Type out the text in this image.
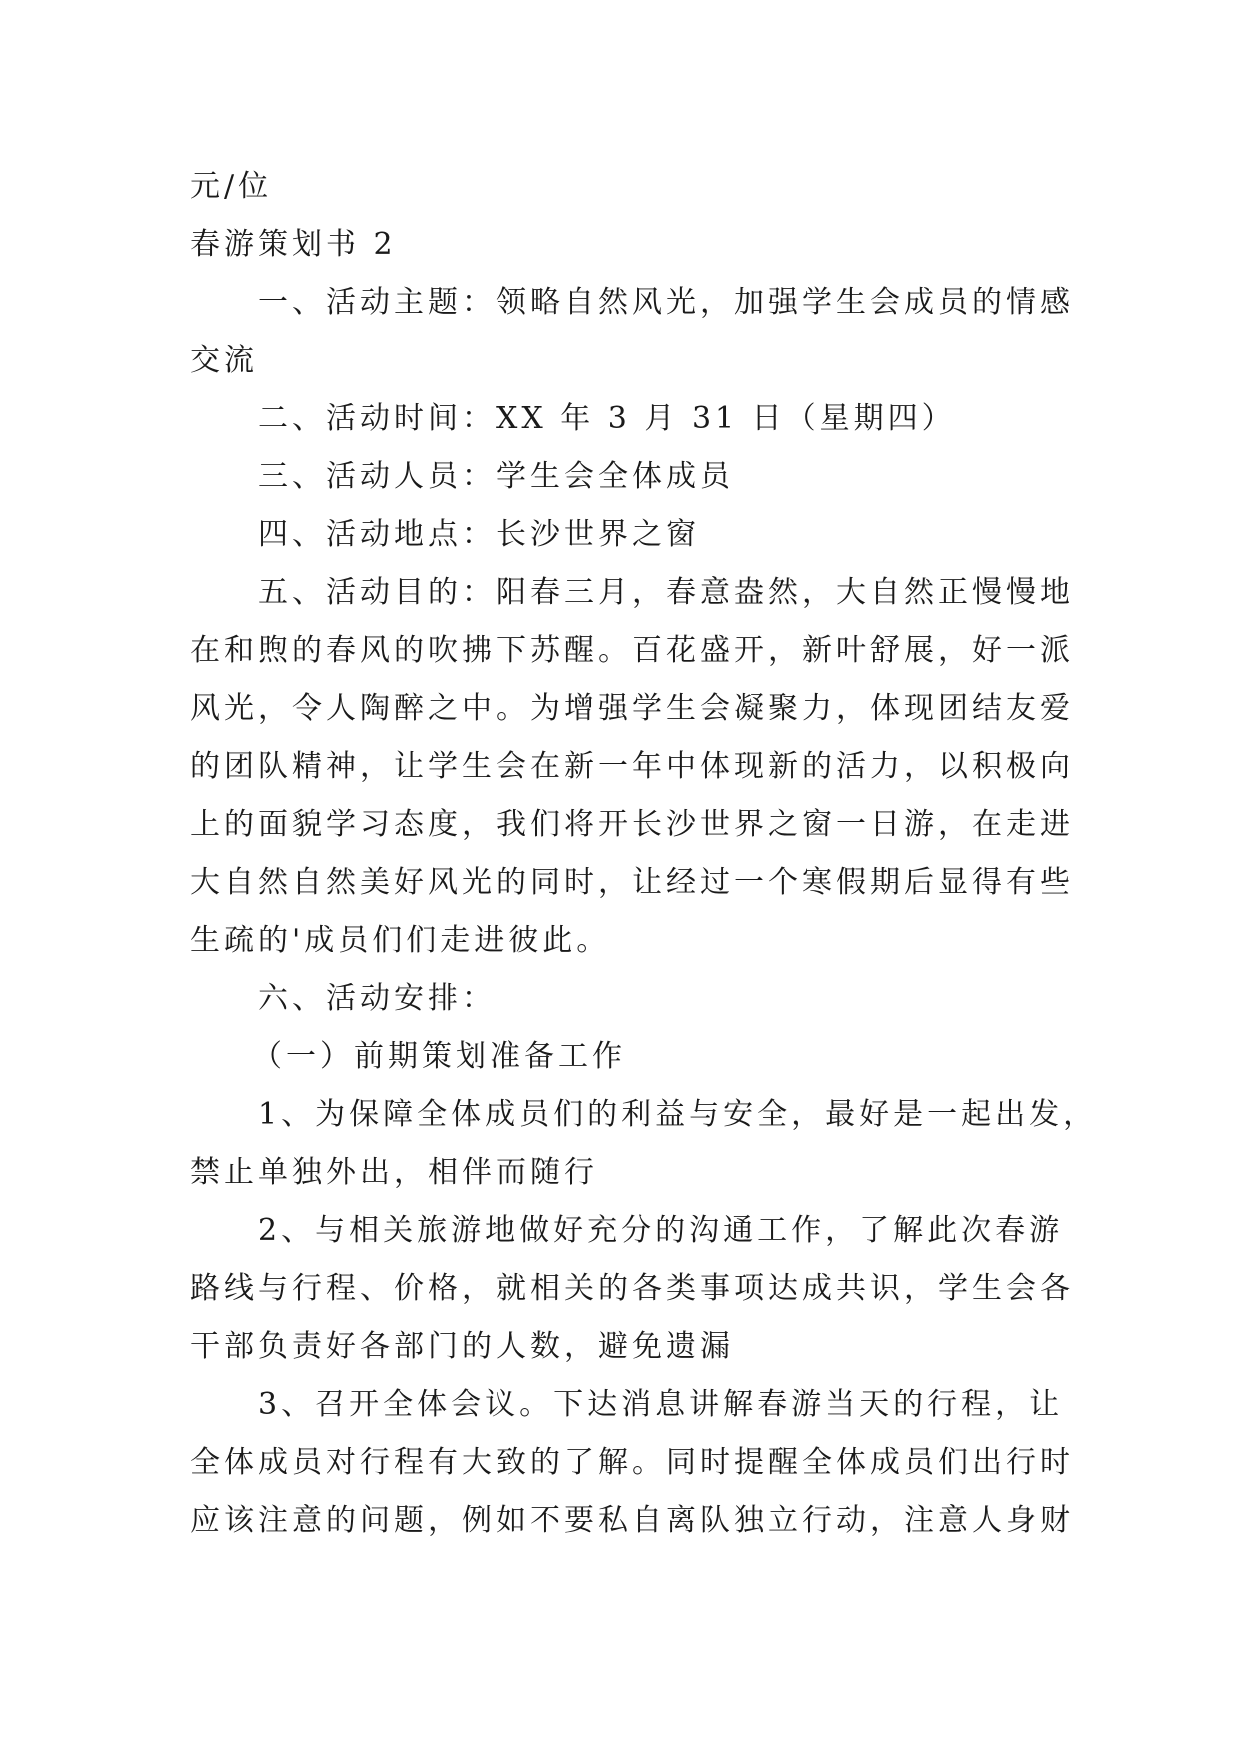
元/位
春游策划书 2
一、活动主题：领略自然风光，加强学生会成员的情感
交流
二、活动时间：XX 年 3 月 31 日（星期四）
三、活动人员：学生会全体成员
四、活动地点：长沙世界之窗
五、活动目的：阳春三月，春意盎然，大自然正慢慢地
在和煦的春风的吹拂下苏醒。百花盛开，新叶舒展，好一派
风光，令人陶醉之中。为增强学生会凝聚力，体现团结友爱
的团队精神，让学生会在新一年中体现新的活力，以积极向
上的面貌学习态度，我们将开长沙世界之窗一日游，在走进
大自然自然美好风光的同时，让经过一个寒假期后显得有些
生疏的'成员们们走进彼此。
六、活动安排：
（一）前期策划准备工作
1、为保障全体成员们的利益与安全，最好是一起出发，
禁止单独外出，相伴而随行
2、与相关旅游地做好充分的沟通工作，了解此次春游
路线与行程、价格，就相关的各类事项达成共识，学生会各
干部负责好各部门的人数，避免遗漏
3、召开全体会议。下达消息讲解春游当天的行程，让
全体成员对行程有大致的了解。同时提醒全体成员们出行时
应该注意的问题，例如不要私自离队独立行动，注意人身财
